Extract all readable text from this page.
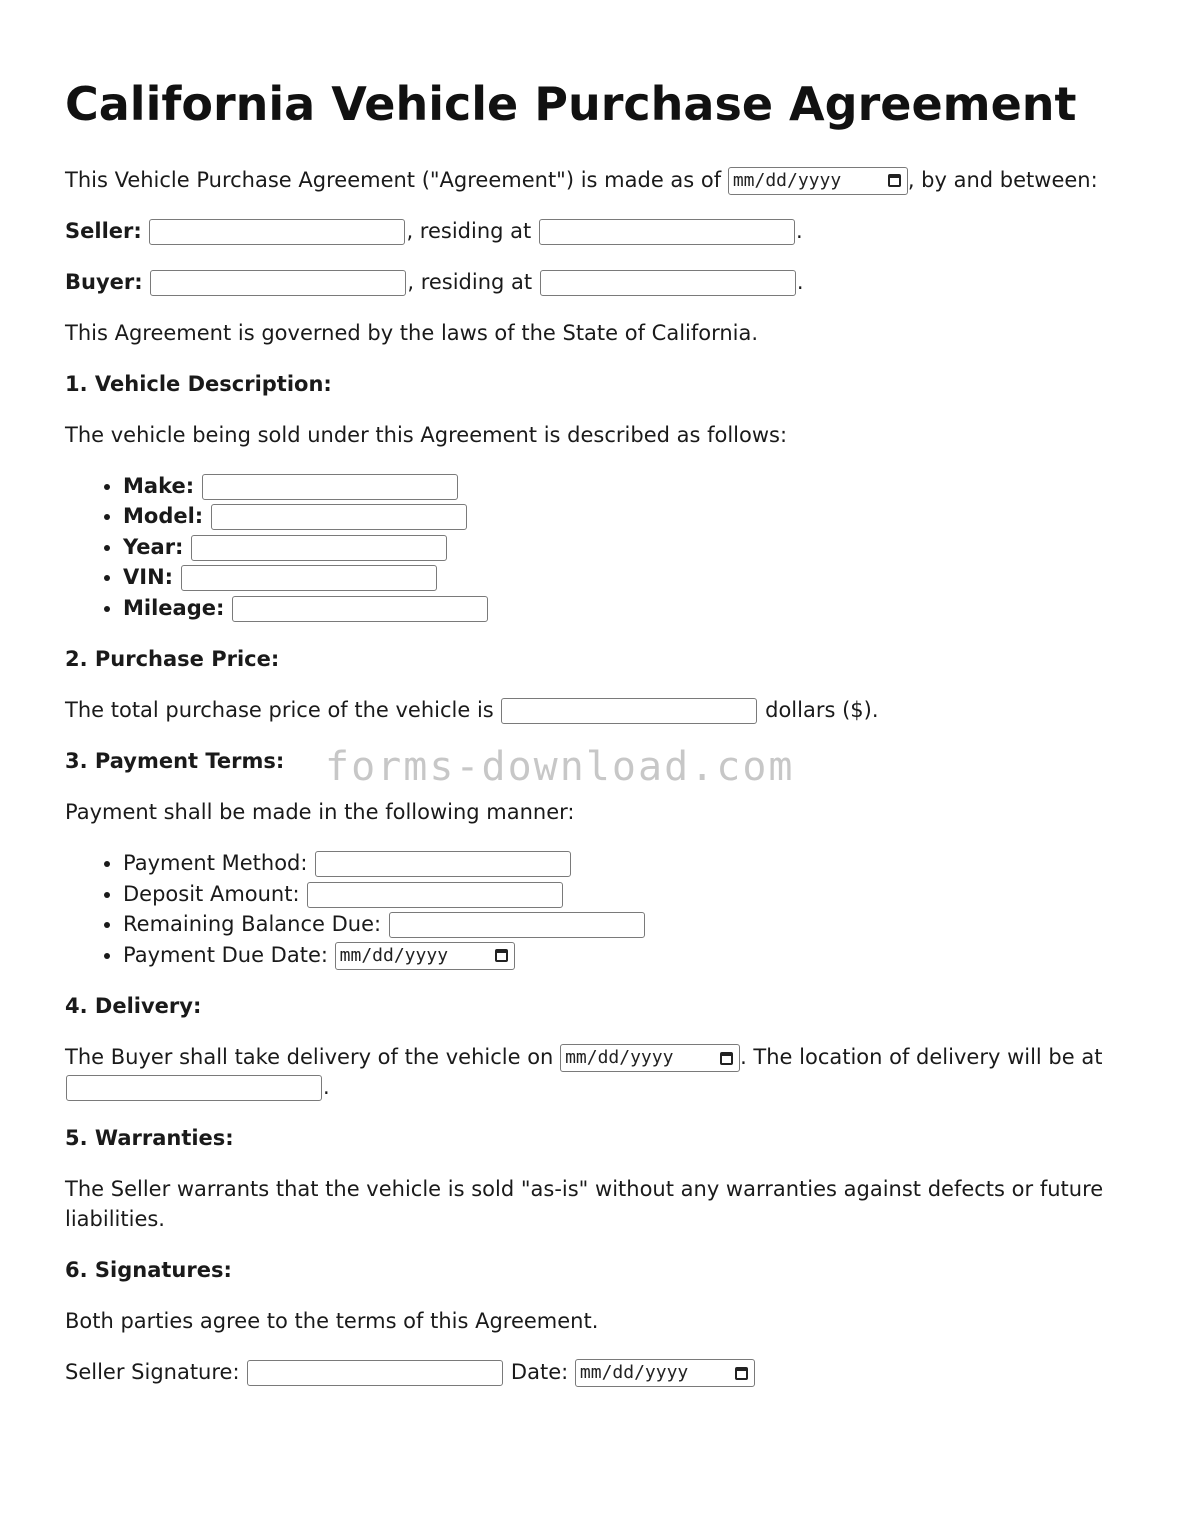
California Vehicle Purchase Agreement

This Vehicle Purchase Agreement ("Agreement") is made as of mm/dd/yyyy	, by and between:

Seller:	, residing at	.

Buyer:	, residing at	.

This Agreement is governed by the laws of the State of California.

1. Vehicle Description:

The vehicle being sold under this Agreement is described as follows:

• Make:
• Model:
• Year:
• VIN:
• Mileage:

2. Purchase Price:

The total purchase price of the vehicle is	dollars ($).

3. Payment Terms:

Payment shall be made in the following manner:

• Payment Method:
• Deposit Amount:
• Remaining Balance Due:
• Payment Due Date: mm/dd/yyyy

4. Delivery:

The Buyer shall take delivery of the vehicle on mm/dd/yyyy	. The location of delivery will be at .

5. Warranties:

The Seller warrants that the vehicle is sold "as-is" without any warranties against defects or future liabilities.

6. Signatures:

Both parties agree to the terms of this Agreement.

Seller Signature:	Date: mm/dd/yyyy

forms-download.com
